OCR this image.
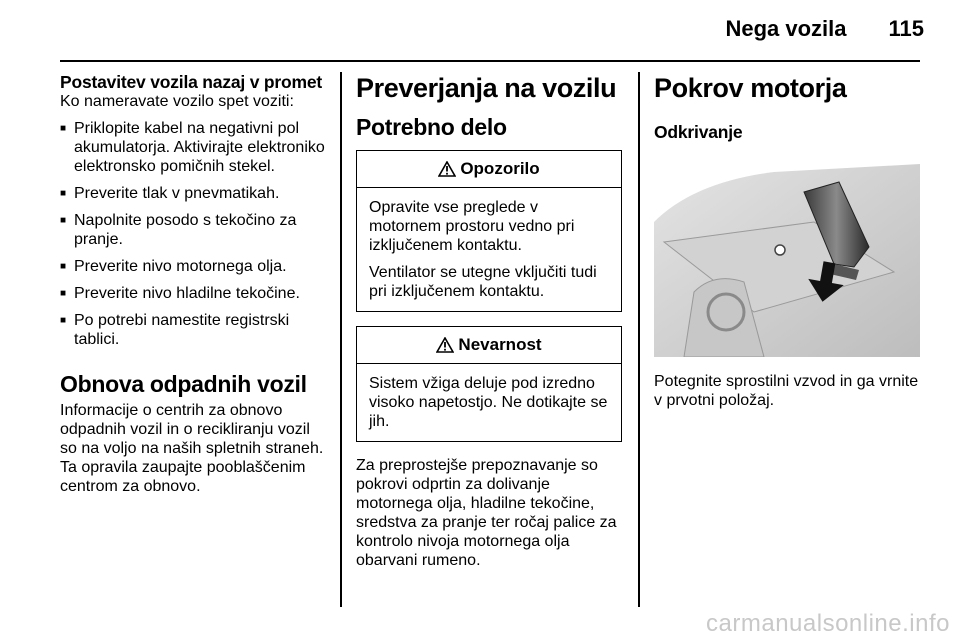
Nega vozila 115
Postavitev vozila nazaj v promet

Ko nameravate vozilo spet voziti:

■ Priklopite kabel na negativni pol akumulatorja. Aktivirajte elektroniko elektronsko pomičnih stekel.
■ Preverite tlak v pnevmatikah.
■ Napolnite posodo s tekočino za pranje.
■ Preverite nivo motornega olja.
■ Preverite nivo hladilne tekočine.
■ Po potrebi namestite registrski tablici.
Obnova odpadnih vozil

Informacije o centrih za obnovo odpadnih vozil in o recikliranju vozil so na voljo na naših spletnih straneh. Ta opravila zaupajte pooblaščenim centrom za obnovo.

Preverjanja na vozilu
Potrebno delo
Opozorilo

Opravite vse preglede v motornem prostoru vedno pri izključenem kontaktu.

Ventilator se utegne vključiti tudi pri izključenem kontaktu.

Nevarnost

Sistem vžiga deluje pod izredno visoko napetostjo. Ne dotikajte se jih.

Za preprostejše prepoznavanje so pokrovi odprtin za dolivanje motornega olja, hladilne tekočine, sredstva za pranje ter ročaj palice za kontrolo nivoja motornega olja obarvani rumeno.

Pokrov motorja
Odkrivanje

Potegnite sprostilni vzvod in ga vrnite v prvotni položaj.

carmanualsonline.info
